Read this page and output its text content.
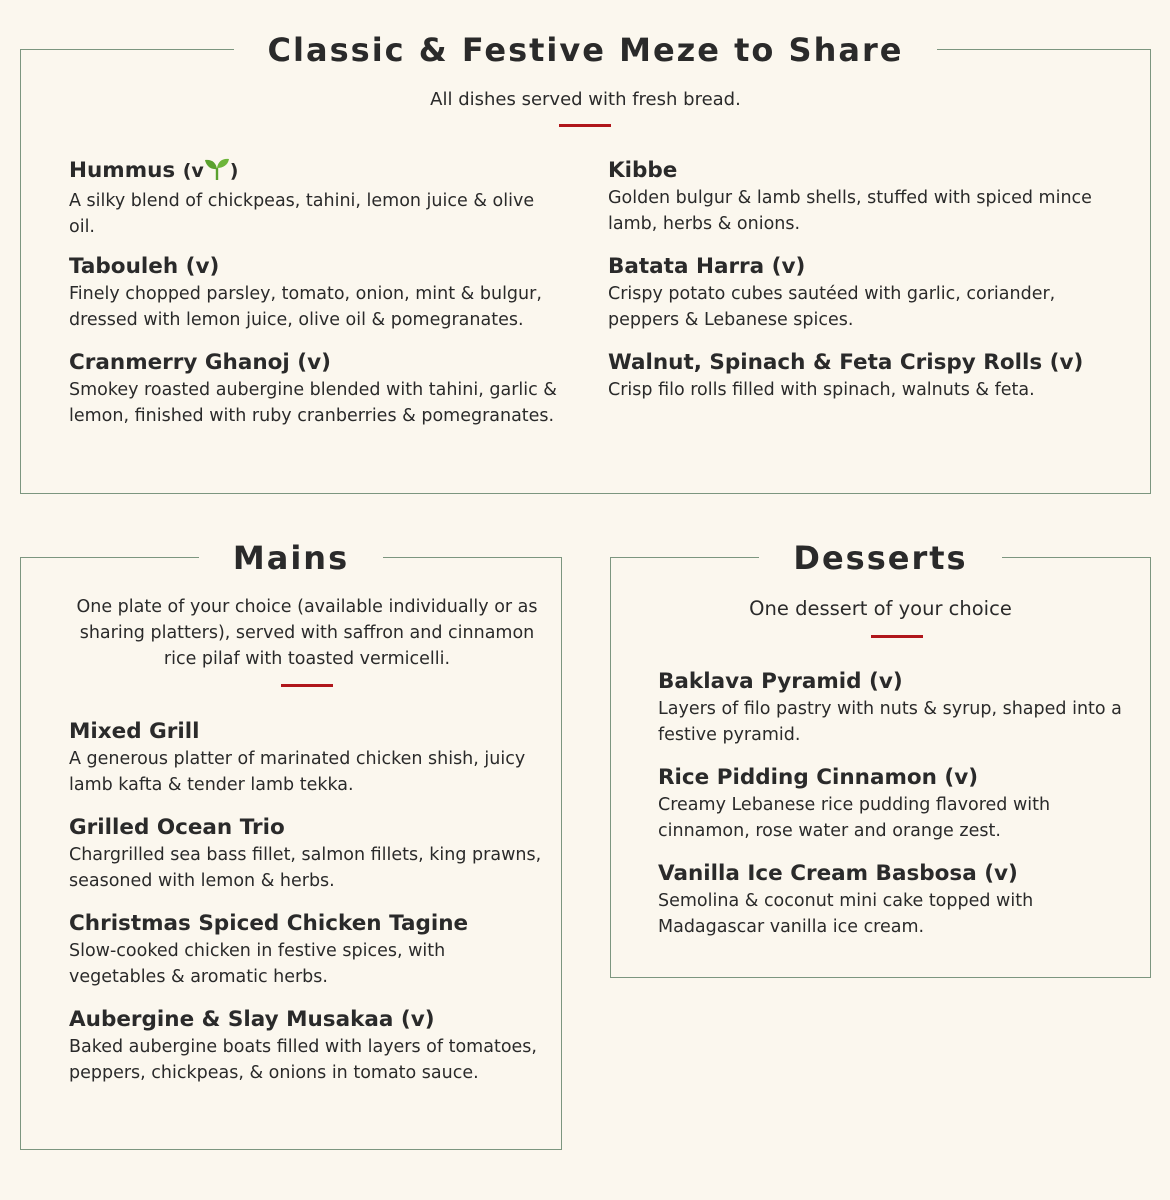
Classic & Festive Meze to Share
All dishes served with fresh bread.
Hummus (v )
A silky blend of chickpeas, tahini, lemon juice & olive oil.
Tabouleh (v)
Finely chopped parsley, tomato, onion, mint & bulgur, dressed with lemon juice, olive oil & pomegranates.
Cranmerry Ghanoj (v)
Smokey roasted aubergine blended with tahini, garlic & lemon, finished with ruby cranberries & pomegranates.
Kibbe
Golden bulgur & lamb shells, stuffed with spiced mince lamb, herbs & onions.
Batata Harra (v)
Crispy potato cubes sautéed with garlic, coriander, peppers & Lebanese spices.
Walnut, Spinach & Feta Crispy Rolls (v)
Crisp filo rolls filled with spinach, walnuts & feta.
Mains
One plate of your choice (available individually or as sharing platters), served with saffron and cinnamon rice pilaf with toasted vermicelli.
Mixed Grill
A generous platter of marinated chicken shish, juicy lamb kafta & tender lamb tekka.
Grilled Ocean Trio
Chargrilled sea bass fillet, salmon fillets, king prawns, seasoned with lemon & herbs.
Christmas Spiced Chicken Tagine
Slow-cooked chicken in festive spices, with vegetables & aromatic herbs.
Aubergine & Slay Musakaa (v)
Baked aubergine boats filled with layers of tomatoes, peppers, chickpeas, & onions in tomato sauce.
Desserts
One dessert of your choice
Baklava Pyramid (v)
Layers of filo pastry with nuts & syrup, shaped into a festive pyramid.
Rice Pidding Cinnamon (v)
Creamy Lebanese rice pudding flavored with cinnamon, rose water and orange zest.
Vanilla Ice Cream Basbosa (v)
Semolina & coconut mini cake topped with Madagascar vanilla ice cream.
